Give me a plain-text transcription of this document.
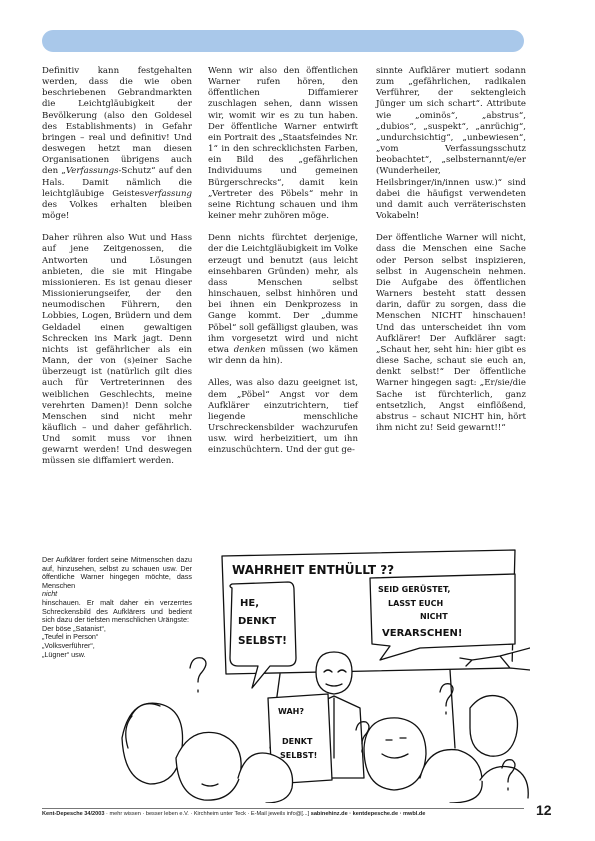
Definitiv kann festgehalten werden, dass die wie oben beschriebenen Gebrandmarkten die Leichtgläubigkeit der Bevölkerung (also den Goldesel des Establishments) in Gefahr bringen – real und definitiv! Und deswegen hetzt man diesen Organisationen übrigens auch den „Verfassungs-Schutz“ auf den Hals. Damit nämlich die leichtgläubige Geistesverfassung des Volkes erhalten bleiben möge!

Daher rühren also Wut und Hass auf jene Zeitgenossen, die Antworten und Lösungen anbieten, die sie mit Hingabe missionieren. Es ist genau dieser Missionierungseifer, der den neumodischen Führern, den Lobbies, Logen, Brüdern und dem Geldadel einen gewaltigen Schrecken ins Mark jagt. Denn nichts ist gefährlicher als ein Mann, der von (s)einer Sache überzeugt ist (natürlich gilt dies auch für Vertreterinnen des weiblichen Geschlechts, meine verehrten Damen)! Denn solche Menschen sind nicht mehr käuflich – und daher gefährlich. Und somit muss vor ihnen gewarnt werden! Und deswegen müssen sie diffamiert werden.

Wenn wir also den öffentlichen Warner rufen hören, den öffentlichen Diffamierer zuschlagen sehen, dann wissen wir, womit wir es zu tun haben. Der öffentliche Warner entwirft ein Portrait des „Staatsfeindes Nr. 1“ in den schrecklichsten Farben, ein Bild des „gefährlichen Individuums und gemeinen Bürgerschrecks“, damit kein „Vertreter des Pöbels“ mehr in seine Richtung schauen und ihm keiner mehr zuhören möge.

Denn nichts fürchtet derjenige, der die Leichtgläubigkeit im Volke erzeugt und benutzt (aus leicht einsehbaren Gründen) mehr, als dass Menschen selbst hinschauen, selbst hinhören und bei ihnen ein Denkprozess in Gange kommt. Der „dumme Pöbel“ soll gefälligst glauben, was ihm vorgesetzt wird und nicht etwa denken müssen (wo kämen wir denn da hin).

Alles, was also dazu geeignet ist, dem „Pöbel“ Angst vor dem Aufklärer einzutrichtern, tief liegende menschliche Urschreckensbilder wachzurufen usw. wird herbeizitiert, um ihn einzuschüchtern. Und der gut ge-

sinnte Aufklärer mutiert sodann zum „gefährlichen, radikalen Verführer, der sektengleich Jünger um sich schart“. Attribute wie „ominös“, „abstrus“, „dubios“, „suspekt“, „anrüchig“, „undurchsichtig“, „unbewiesen“, „vom Verfassungsschutz beobachtet“, „selbsternannt/e/er (Wunderheiler, Heilsbringer/in/innen usw.)“ sind dabei die häufigst verwendeten und damit auch verräterischsten Vokabeln!

Der öffentliche Warner will nicht, dass die Menschen eine Sache oder Person selbst inspizieren, selbst in Augenschein nehmen. Die Aufgabe des öffentlichen Warners besteht statt dessen darin, dafür zu sorgen, dass die Menschen NICHT hinschauen! Und das unterscheidet ihn vom Aufklärer! Der Aufklärer sagt: „Schaut her, seht hin: hier gibt es diese Sache, schaut sie euch an, denkt selbst!“ Der öffentliche Warner hingegen sagt: „Er/sie/die Sache ist fürchterlich, ganz entsetzlich, Angst einflößend, abstrus – schaut NICHT hin, hört ihm nicht zu! Seid gewarnt!!“

Der Aufklärer fordert seine Mitmenschen dazu auf, hinzusehen, selbst zu schauen usw. Der öffentliche Warner hingegen möchte, dass Menschen
nicht
hinschauen. Er malt daher ein verzerrtes Schreckensbild des Aufklärers und bedient sich dazu der tiefsten menschlichen Urängste:
Der böse „Satanist“,
„Teufel in Person“
„Volksverführer“,
„Lügner“ usw.
WAHRHEIT ENTHÜLLT ??
HE,
DENKT
SELBST!
SEID GERÜSTET,
LASST EUCH
NICHT
VERARSCHEN!
WAH?
DENKT
SELBST!
Kent-Depesche 34/2003 · mehr wissen · besser leben e.V. · Kirchheim unter Teck · E-Mail jeweils info@[...] sabinehinz.de · kentdepesche.de · mwbl.de	12
